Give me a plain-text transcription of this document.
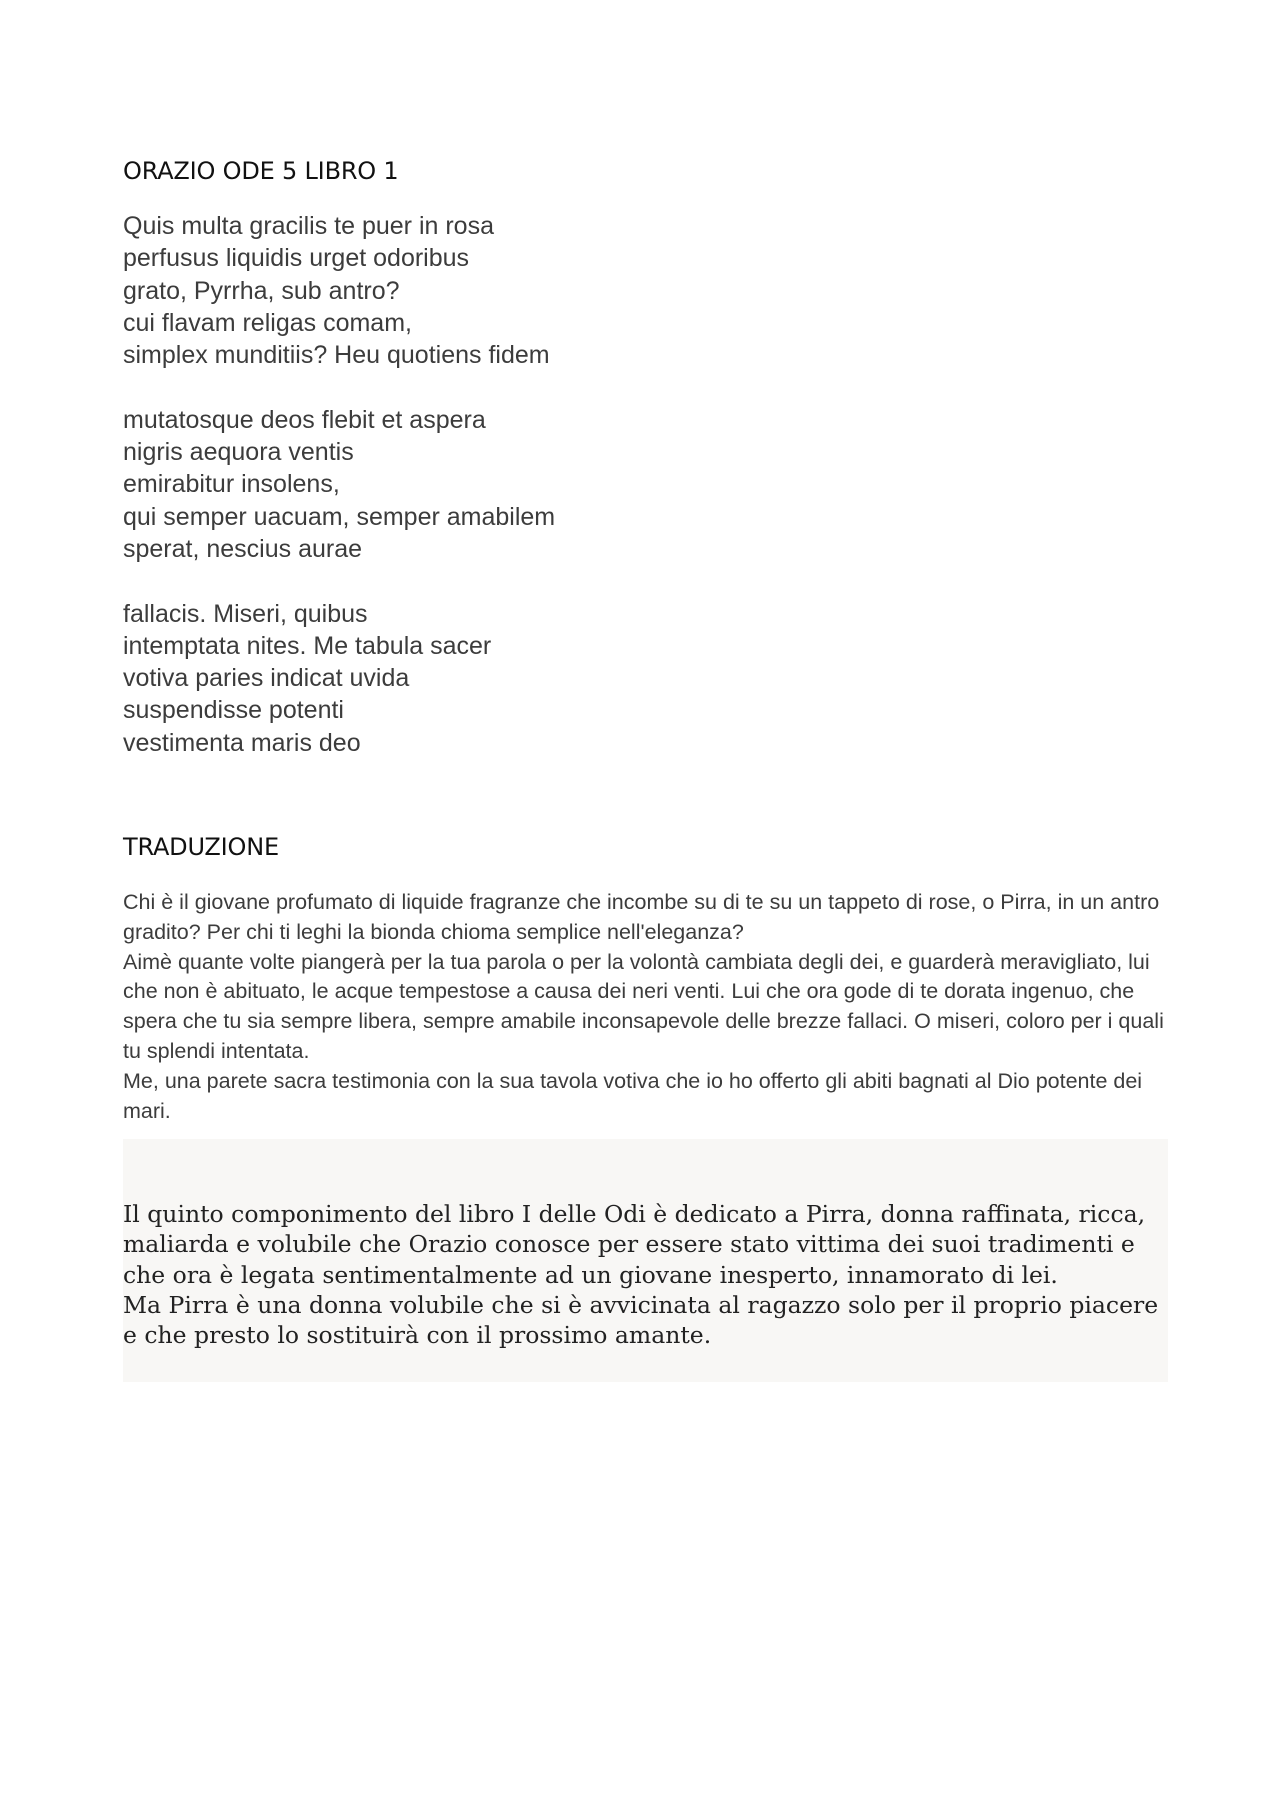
ORAZIO ODE 5 LIBRO 1
Quis multa gracilis te puer in rosa
perfusus liquidis urget odoribus
grato, Pyrrha, sub antro?
cui flavam religas comam,
simplex munditiis? Heu quotiens fidem
mutatosque deos flebit et aspera
nigris aequora ventis
emirabitur insolens,
qui semper uacuam, semper amabilem
sperat, nescius aurae
fallacis. Miseri, quibus
intemptata nites. Me tabula sacer
votiva paries indicat uvida
suspendisse potenti
vestimenta maris deo
TRADUZIONE

Chi è il giovane profumato di liquide fragranze che incombe su di te su un tappeto di rose, o Pirra, in un antro gradito? Per chi ti leghi la bionda chioma semplice nell'eleganza?

Aimè quante volte piangerà per la tua parola o per la volontà cambiata degli dei, e guarderà meravigliato, lui che non è abituato, le acque tempestose a causa dei neri venti. Lui che ora gode di te dorata ingenuo, che spera che tu sia sempre libera, sempre amabile inconsapevole delle brezze fallaci. O miseri, coloro per i quali tu splendi intentata.

Me, una parete sacra testimonia con la sua tavola votiva che io ho offerto gli abiti bagnati al Dio potente dei mari.

Il quinto componimento del libro I delle Odi è dedicato a Pirra, donna raffinata, ricca, maliarda e volubile che Orazio conosce per essere stato vittima dei suoi tradimenti e che ora è legata sentimentalmente ad un giovane inesperto, innamorato di lei.

Ma Pirra è una donna volubile che si è avvicinata al ragazzo solo per il proprio piacere e che presto lo sostituirà con il prossimo amante.
